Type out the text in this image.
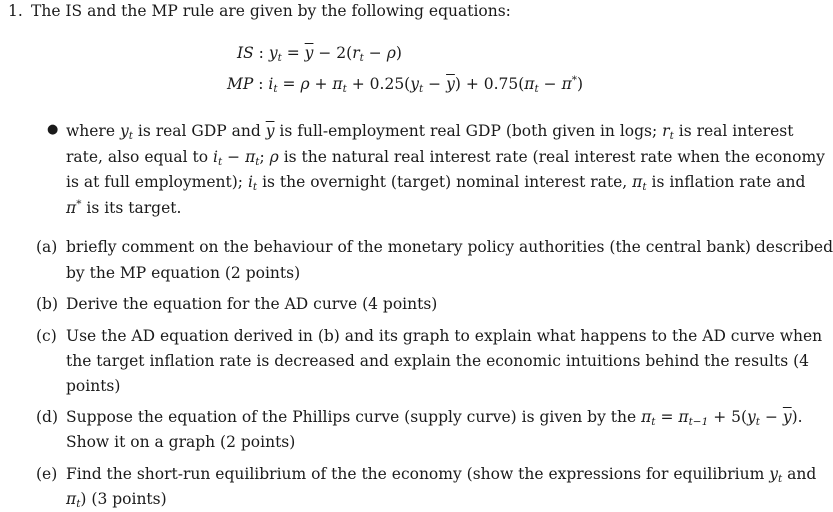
1. The IS and the MP rule are given by the following equations:
IS : $y_t = \overline{y} - 2(r_t - \rho)$
MP : $i_t = \rho + \pi_t + 0.25(y_t - \overline{y}) + 0.75(\pi_t - \pi^*)$
● where $y_t$ is real GDP and $\overline{y}$ is full-employment real GDP (both given in logs; $r_t$ is real interest
rate, also equal to $i_t - \pi_t$; ρ is the natural real interest rate (real interest rate when the economy
is at full employment); $i_t$ is the overnight (target) nominal interest rate, $\pi_t$ is inflation rate and
π* is its target.
(a) briefly comment on the behaviour of the monetary policy authorities (the central bank) described
by the MP equation (2 points)
(b) Derive the equation for the AD curve (4 points)
(c) Use the AD equation derived in (b) and its graph to explain what happens to the AD curve when
the target inflation rate is decreased and explain the economic intuitions behind the results (4
points)
(d) Suppose the equation of the Phillips curve (supply curve) is given by the $\pi_t = \pi_{t-1} + 5(y_t - \overline{y})$.
Show it on a graph (2 points)
(e) Find the short-run equilibrium of the the economy (show the expressions for equilibrium $y_t$ and
$\pi_t$) (3 points)
